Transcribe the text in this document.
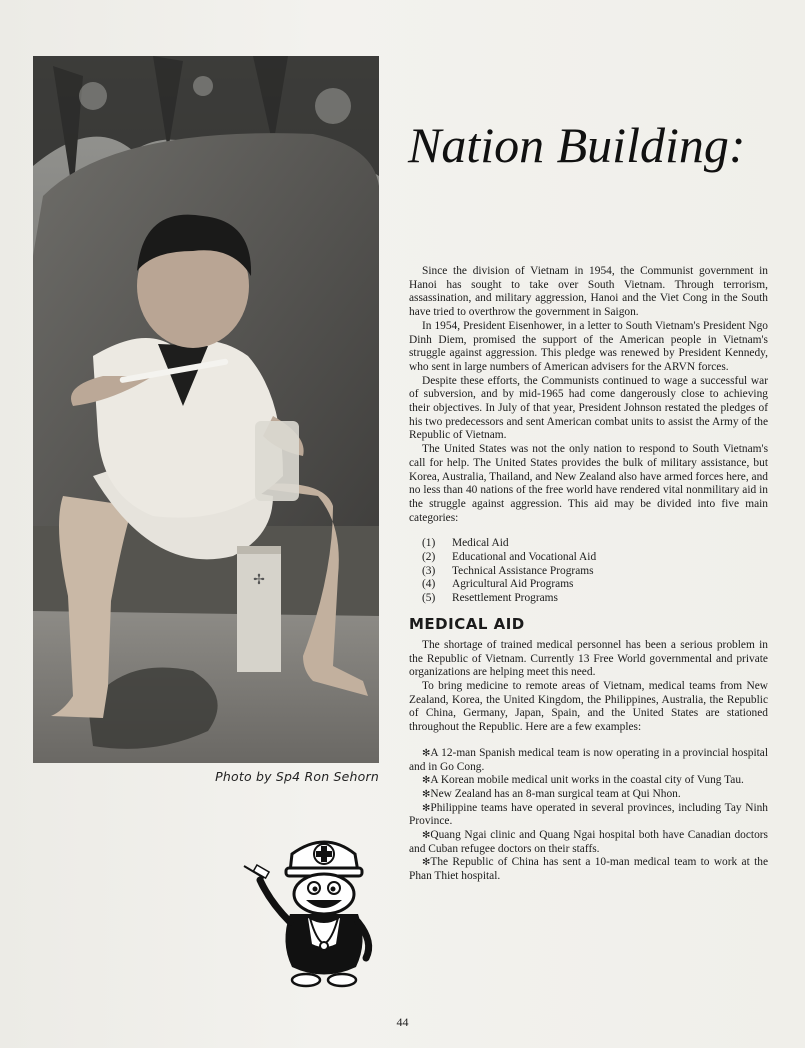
✢
Photo by Sp4 Ron Sehorn
Nation Building:

Since the division of Vietnam in 1954, the Communist government in Hanoi has sought to take over South Vietnam. Through terrorism, assassination, and military aggression, Hanoi and the Viet Cong in the South have tried to overthrow the government in Saigon.

In 1954, President Eisenhower, in a letter to South Vietnam's President Ngo Dinh Diem, promised the support of the American people in Vietnam's struggle against aggression. This pledge was renewed by President Kennedy, who sent in large numbers of American advisers for the ARVN forces.

Despite these efforts, the Communists continued to wage a successful war of subversion, and by mid-1965 had come dangerously close to achieving their objectives. In July of that year, President Johnson restated the pledges of his two predecessors and sent American combat units to assist the Army of the Republic of Vietnam.

The United States was not the only nation to respond to South Vietnam's call for help. The United States provides the bulk of military assistance, but Korea, Australia, Thailand, and New Zealand also have armed forces here, and no less than 40 nations of the free world have rendered vital nonmilitary aid in the struggle against aggression. This aid may be divided into five main categories:

(1)	Medical Aid
(2)	Educational and Vocational Aid
(3)	Technical Assistance Programs
(4)	Agricultural Aid Programs
(5)	Resettlement Programs
MEDICAL AID

The shortage of trained medical personnel has been a serious problem in the Republic of Vietnam. Currently 13 Free World governmental and private organizations are helping meet this need.

To bring medicine to remote areas of Vietnam, medical teams from New Zealand, Korea, the United Kingdom, the Philippines, Australia, the Republic of China, Germany, Japan, Spain, and the United States are stationed throughout the Republic. Here are a few examples:

✻A 12-man Spanish medical team is now operating in a provincial hospital and in Go Cong.

✻A Korean mobile medical unit works in the coastal city of Vung Tau.

✻New Zealand has an 8-man surgical team at Qui Nhon.

✻Philippine teams have operated in several provinces, including Tay Ninh Province.

✻Quang Ngai clinic and Quang Ngai hospital both have Canadian doctors and Cuban refugee doctors on their staffs.

✻The Republic of China has sent a 10-man medical team to work at the Phan Thiet hospital.

44
